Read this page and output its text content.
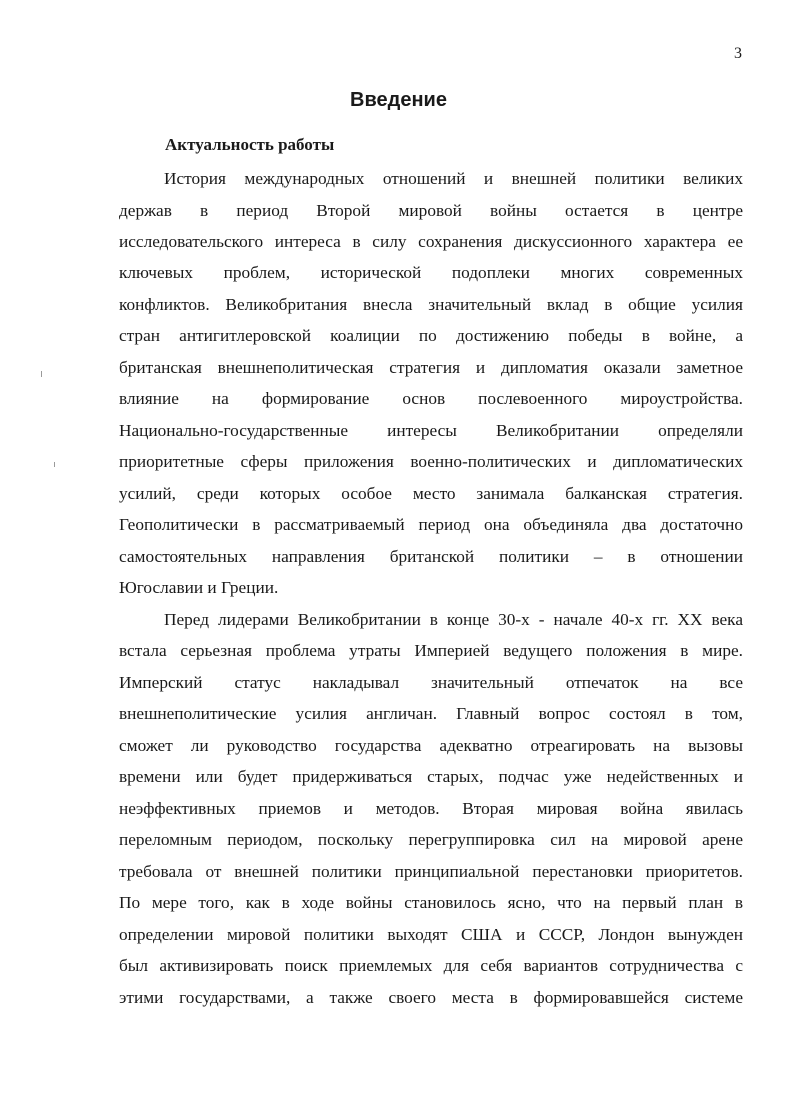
3
Введение
Актуальность работы
История международных отношений и внешней политики великих
держав в период Второй мировой войны остается в центре
исследовательского интереса в силу сохранения дискуссионного характера ее
ключевых проблем, исторической подоплеки многих современных
конфликтов. Великобритания внесла значительный вклад в общие усилия
стран антигитлеровской коалиции по достижению победы в войне, а
британская внешнеполитическая стратегия и дипломатия оказали заметное
влияние на формирование основ послевоенного мироустройства.
Национально-государственные интересы Великобритании определяли
приоритетные сферы приложения военно-политических и дипломатических
усилий, среди которых особое место занимала балканская стратегия.
Геополитически в рассматриваемый период она объединяла два достаточно
самостоятельных направления британской политики – в отношении
Югославии и Греции.
Перед лидерами Великобритании в конце 30-х - начале 40-х гг. XX века
встала серьезная проблема утраты Империей ведущего положения в мире.
Имперский статус накладывал значительный отпечаток на все
внешнеполитические усилия англичан. Главный вопрос состоял в том,
сможет ли руководство государства адекватно отреагировать на вызовы
времени или будет придерживаться старых, подчас уже недейственных и
неэффективных приемов и методов. Вторая мировая война явилась
переломным периодом, поскольку перегруппировка сил на мировой арене
требовала от внешней политики принципиальной перестановки приоритетов.
По мере того, как в ходе войны становилось ясно, что на первый план в
определении мировой политики выходят США и СССР, Лондон вынужден
был активизировать поиск приемлемых для себя вариантов сотрудничества с
этими государствами, а также своего места в формировавшейся системе
